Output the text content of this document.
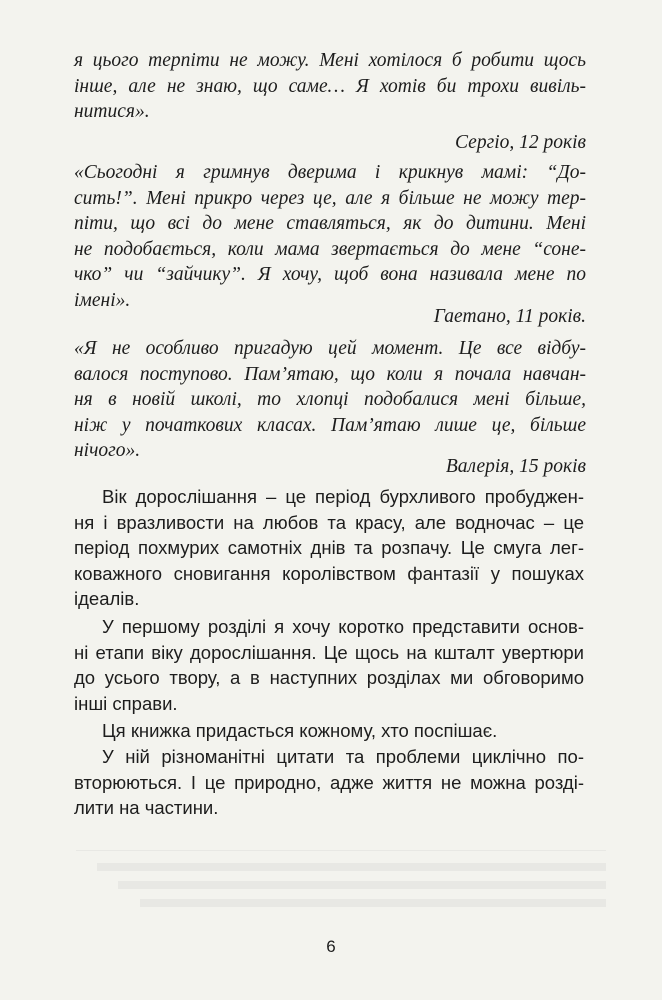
я цього терпіти не можу. Мені хотілося б робити щось
інше, але не знаю, що саме… Я хотів би трохи вивіль-
нитися».
Сергіо, 12 років
«Сьогодні я гримнув дверима і крикнув мамі: “До-
сить!”. Мені прикро через це, але я більше не можу тер-
піти, що всі до мене ставляться, як до дитини. Мені
не подобається, коли мама звертається до мене “соне-
чко” чи “зайчику”. Я хочу, щоб вона називала мене по
імені».
Гаетано, 11 років.
«Я не особливо пригадую цей момент. Це все відбу-
валося поступово. Пам’ятаю, що коли я почала навчан-
ня в новій школі, то хлопці подобалися мені більше,
ніж у початкових класах. Пам’ятаю лише це, більше
нічого».
Валерія, 15 років
Вік дорослішання – це період бурхливого пробуджен-
ня і вразливости на любов та красу, але водночас – це
період похмурих самотніх днів та розпачу. Це смуга лег-
коважного сновигання королівством фантазії у пошуках
ідеалів.
У першому розділі я хочу коротко представити основ-
ні етапи віку дорослішання. Це щось на кшталт увертюри
до усього твору, а в наступних розділах ми обговоримо
інші справи.
Ця книжка придасться кожному, хто поспішає.
У ній різноманітні цитати та проблеми циклічно по-
вторюються. І це природно, адже життя не можна розді-
лити на частини.
6
